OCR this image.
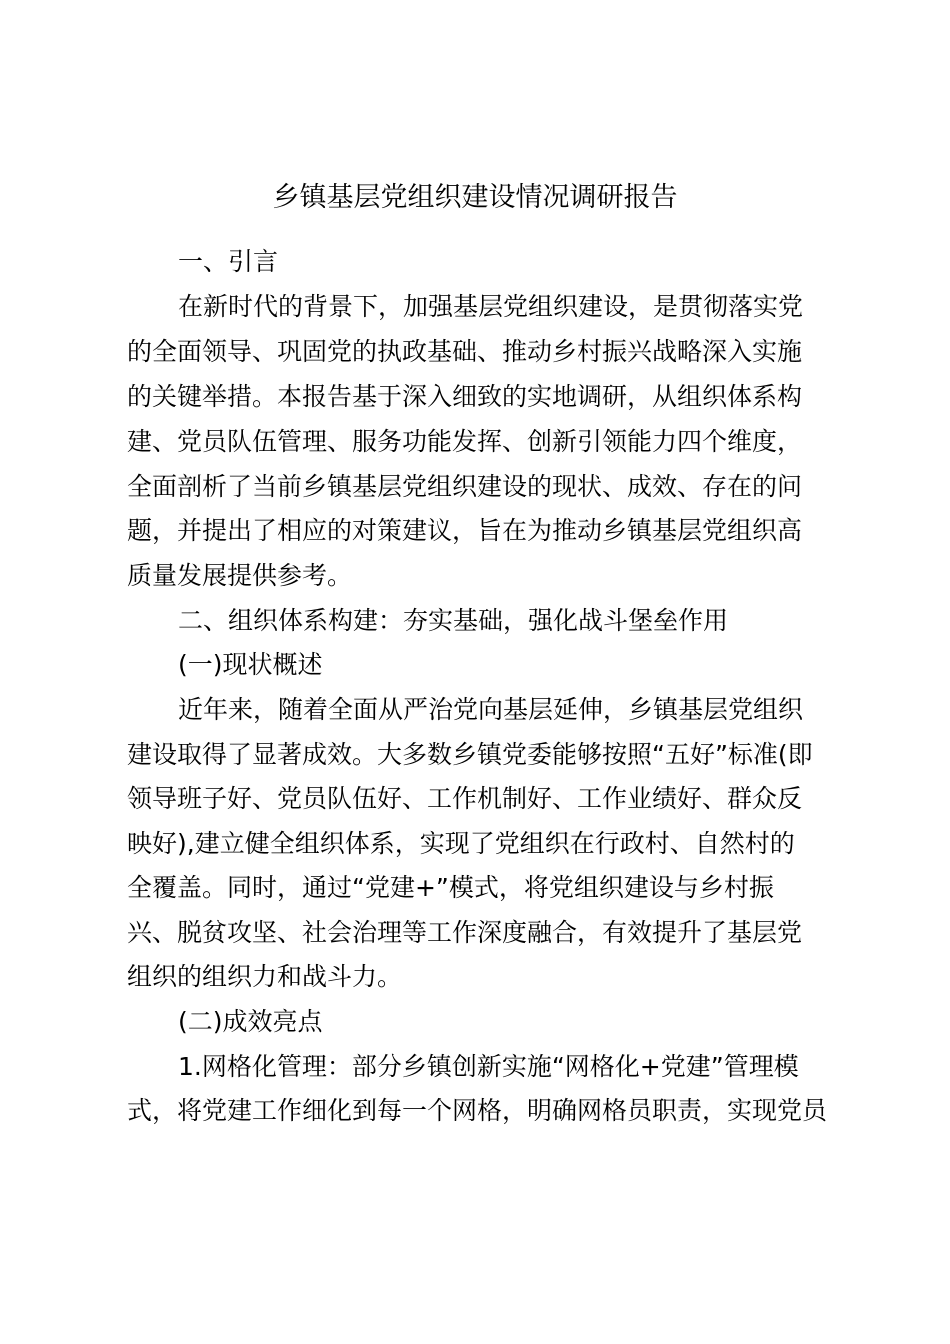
乡镇基层党组织建设情况调研报告
一、引言
在新时代的背景下，加强基层党组织建设，是贯彻落实党
的全面领导、巩固党的执政基础、推动乡村振兴战略深入实施
的关键举措。本报告基于深入细致的实地调研，从组织体系构
建、党员队伍管理、服务功能发挥、创新引领能力四个维度，
全面剖析了当前乡镇基层党组织建设的现状、成效、存在的问
题，并提出了相应的对策建议，旨在为推动乡镇基层党组织高
质量发展提供参考。
二、组织体系构建：夯实基础，强化战斗堡垒作用
(一)现状概述
近年来，随着全面从严治党向基层延伸，乡镇基层党组织
建设取得了显著成效。大多数乡镇党委能够按照“五好”标准(即
领导班子好、党员队伍好、工作机制好、工作业绩好、群众反
映好),建立健全组织体系，实现了党组织在行政村、自然村的
全覆盖。同时，通过“党建+”模式，将党组织建设与乡村振
兴、脱贫攻坚、社会治理等工作深度融合，有效提升了基层党
组织的组织力和战斗力。
(二)成效亮点
1.网格化管理：部分乡镇创新实施“网格化+党建”管理模
式，将党建工作细化到每一个网格，明确网格员职责，实现党员
